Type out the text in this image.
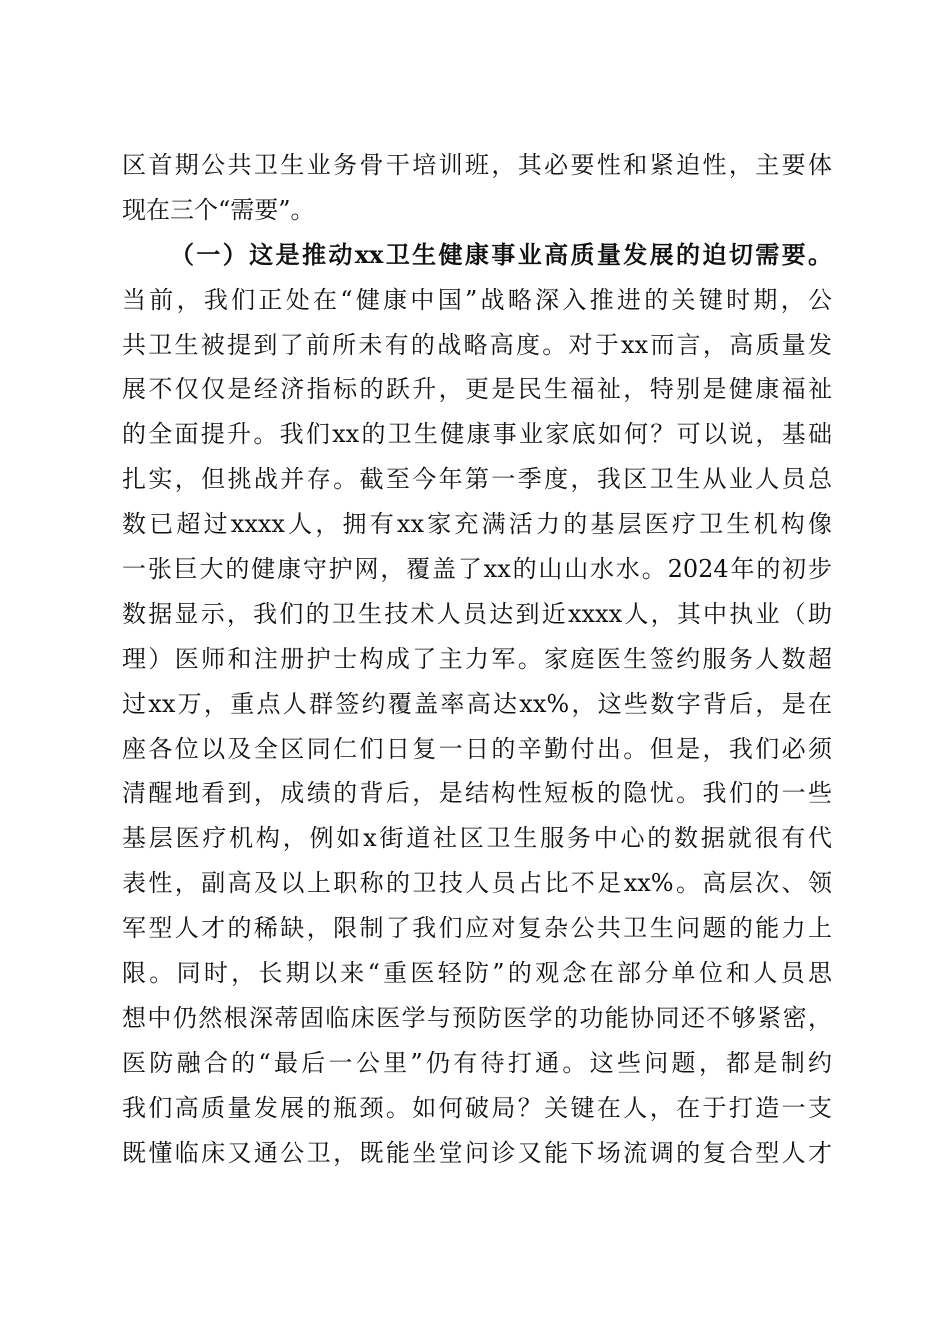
区首期公共卫生业务骨干培训班，其必要性和紧迫性，主要体
现在三个“需要”。
（一）这是推动xx卫生健康事业高质量发展的迫切需要。
当前，我们正处在“健康中国”战略深入推进的关键时期，公
共卫生被提到了前所未有的战略高度。对于xx而言，高质量发
展不仅仅是经济指标的跃升，更是民生福祉，特别是健康福祉
的全面提升。我们xx的卫生健康事业家底如何？可以说，基础
扎实，但挑战并存。截至今年第一季度，我区卫生从业人员总
数已超过xxxx人，拥有xx家充满活力的基层医疗卫生机构像
一张巨大的健康守护网，覆盖了xx的山山水水。2024年的初步
数据显示，我们的卫生技术人员达到近xxxx人，其中执业（助
理）医师和注册护士构成了主力军。家庭医生签约服务人数超
过xx万，重点人群签约覆盖率高达xx%，这些数字背后，是在
座各位以及全区同仁们日复一日的辛勤付出。但是，我们必须
清醒地看到，成绩的背后，是结构性短板的隐忧。我们的一些
基层医疗机构，例如x街道社区卫生服务中心的数据就很有代
表性，副高及以上职称的卫技人员占比不足xx%。高层次、领
军型人才的稀缺，限制了我们应对复杂公共卫生问题的能力上
限。同时，长期以来“重医轻防”的观念在部分单位和人员思
想中仍然根深蒂固临床医学与预防医学的功能协同还不够紧密，
医防融合的“最后一公里”仍有待打通。这些问题，都是制约
我们高质量发展的瓶颈。如何破局？关键在人，在于打造一支
既懂临床又通公卫，既能坐堂问诊又能下场流调的复合型人才
